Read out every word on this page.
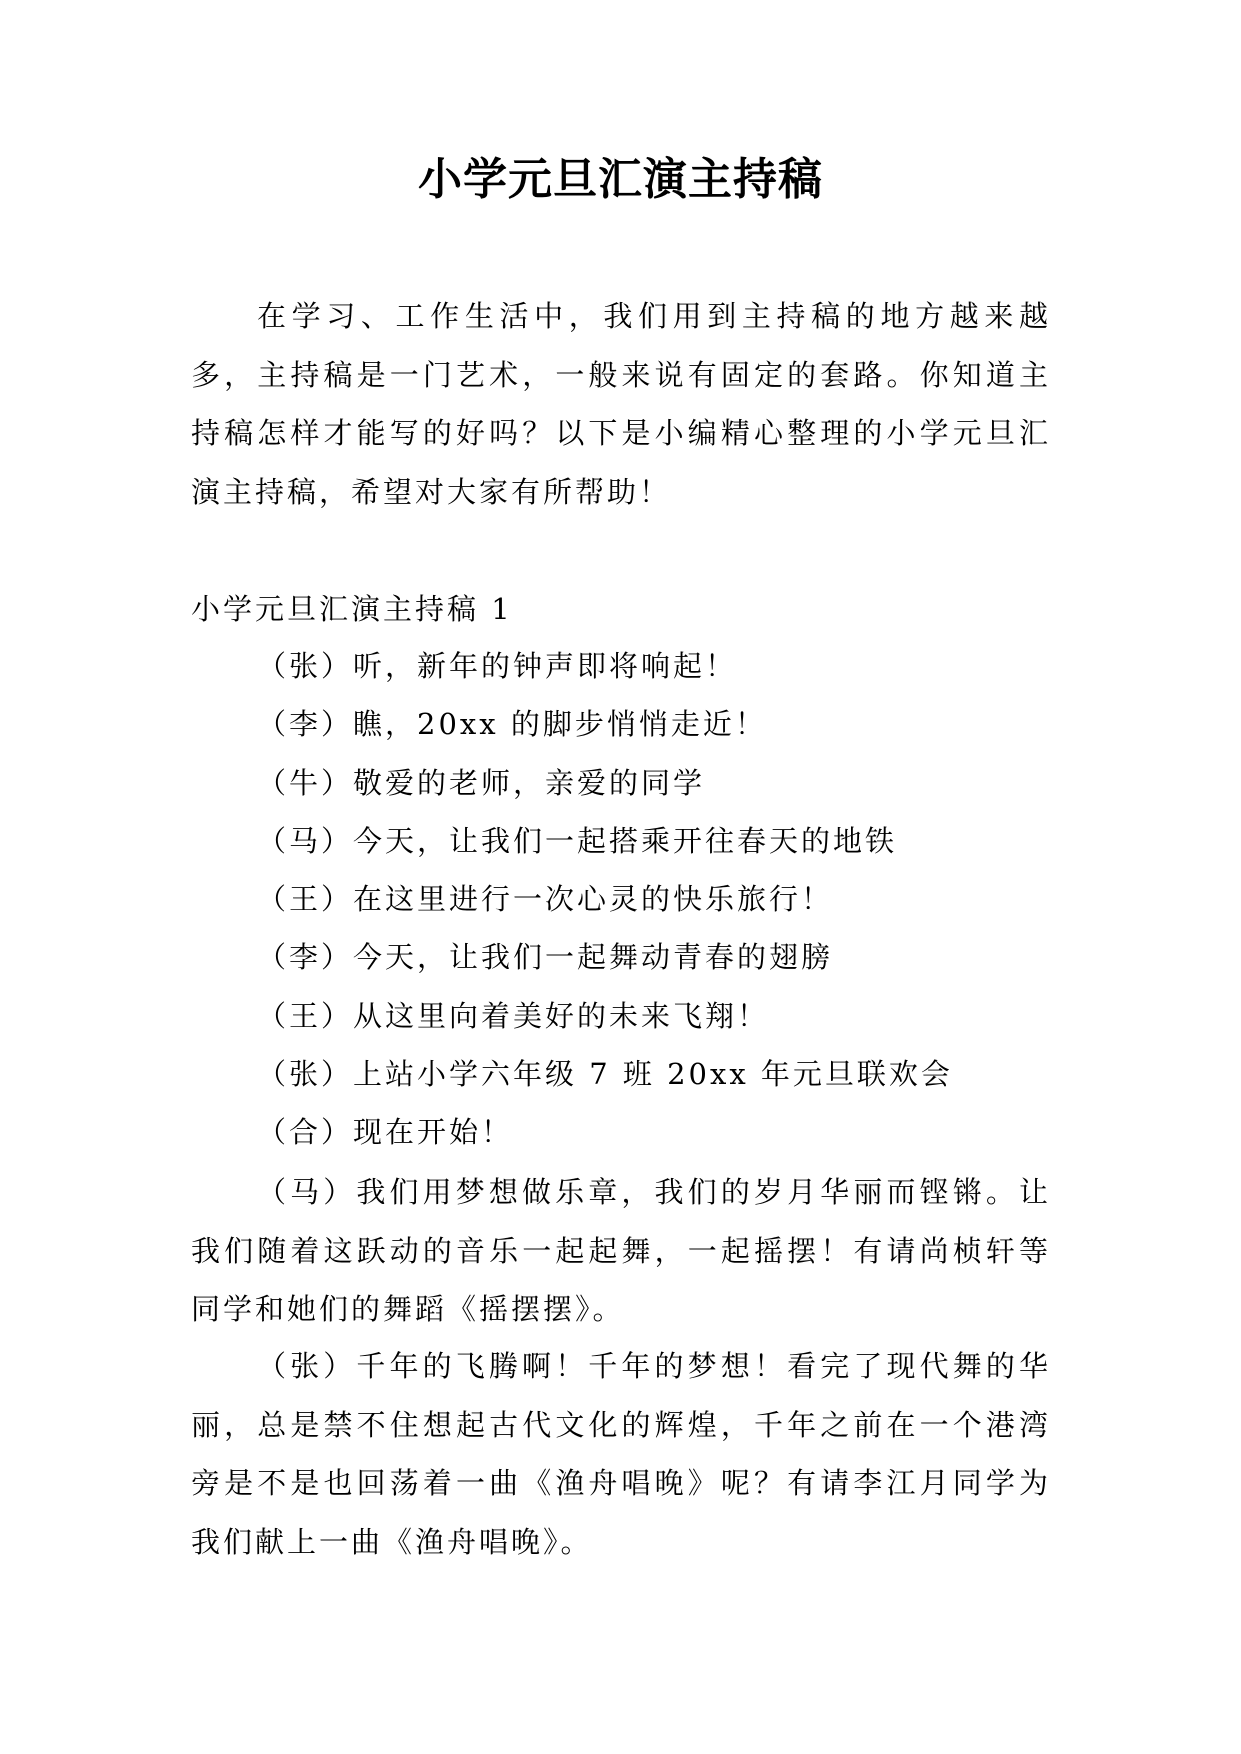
小学元旦汇演主持稿

在学习、工作生活中，我们用到主持稿的地方越来越多，主持稿是一门艺术，一般来说有固定的套路。你知道主持稿怎样才能写的好吗？以下是小编精心整理的小学元旦汇演主持稿，希望对大家有所帮助！

小学元旦汇演主持稿 1
（张）听，新年的钟声即将响起！
（李）瞧，20xx 的脚步悄悄走近！
（牛）敬爱的老师，亲爱的同学
（马）今天，让我们一起搭乘开往春天的地铁
（王）在这里进行一次心灵的快乐旅行！
（李）今天，让我们一起舞动青春的翅膀
（王）从这里向着美好的未来飞翔！
（张）上站小学六年级 7 班 20xx 年元旦联欢会
（合）现在开始！

（马）我们用梦想做乐章，我们的岁月华丽而铿锵。让我们随着这跃动的音乐一起起舞，一起摇摆！有请尚桢轩等同学和她们的舞蹈《摇摆摆》。

（张）千年的飞腾啊！千年的梦想！看完了现代舞的华丽，总是禁不住想起古代文化的辉煌，千年之前在一个港湾旁是不是也回荡着一曲《渔舟唱晚》呢？有请李江月同学为我们献上一曲《渔舟唱晚》。
